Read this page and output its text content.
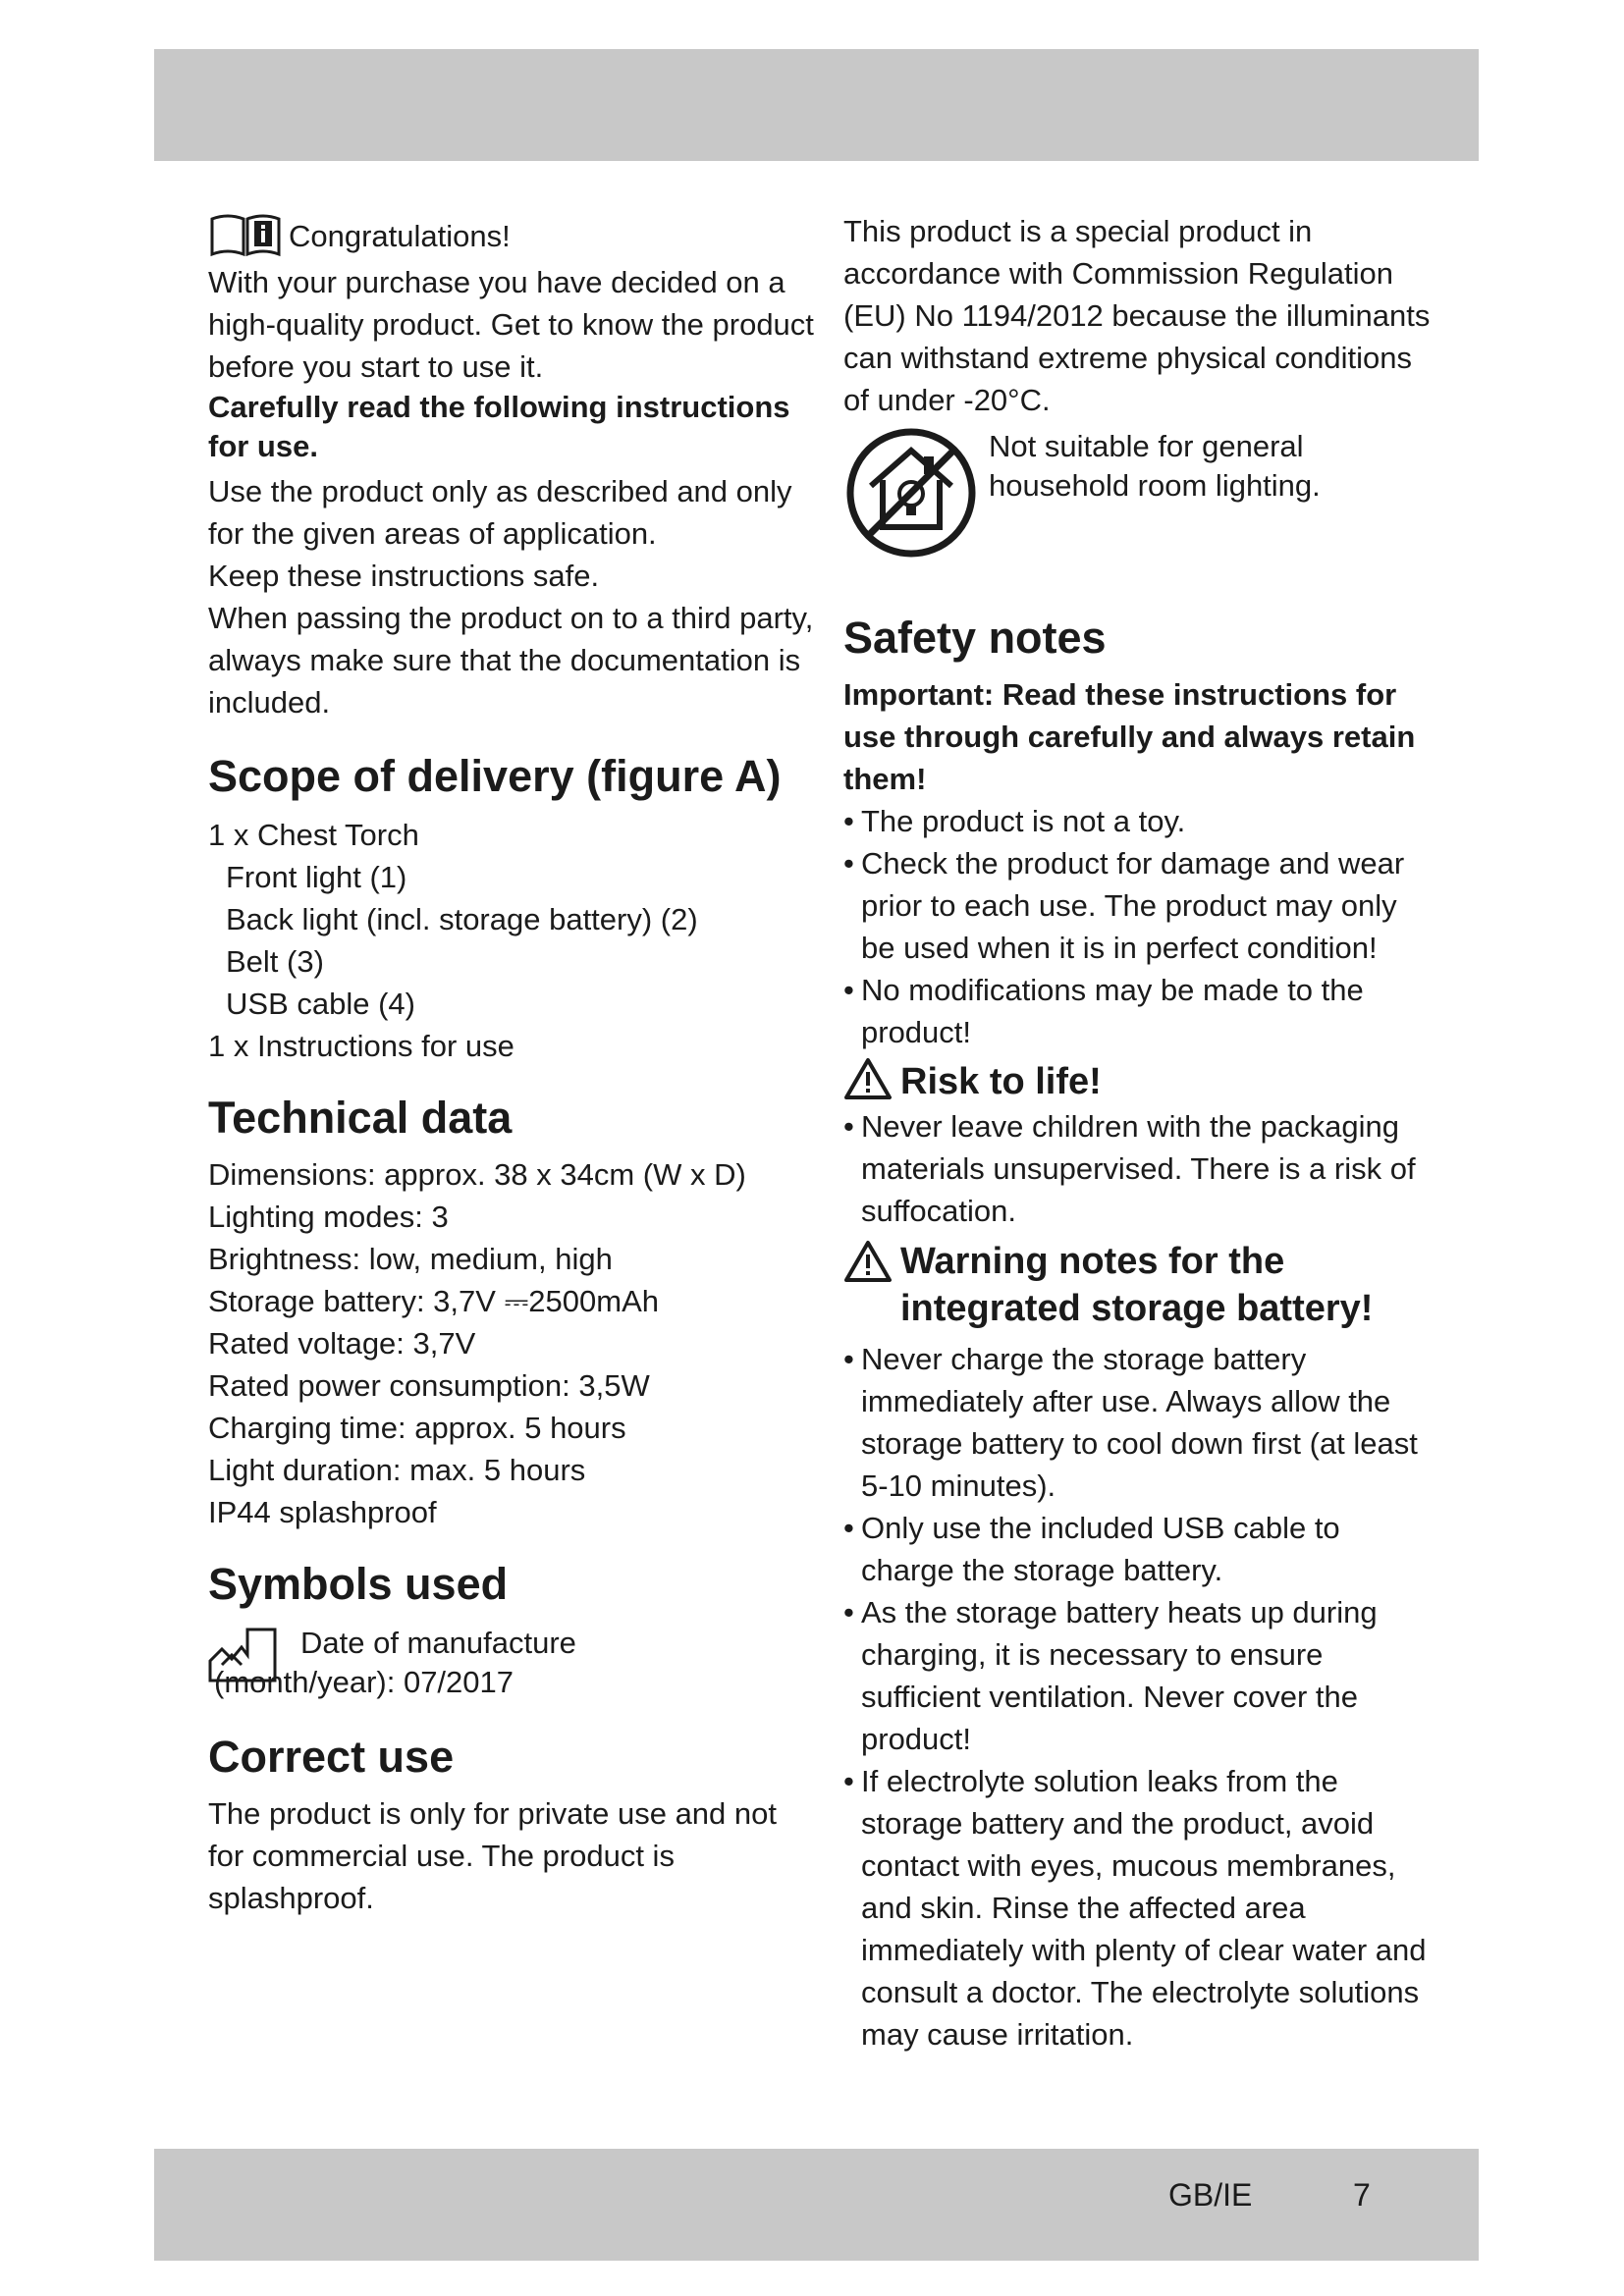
Congratulations!

With your purchase you have decided on a high-quality product. Get to know the product before you start to use it.

Carefully read the following instructions for use.

Use the product only as described and only for the given areas of application.

Keep these instructions safe.

When passing the product on to a third party, always make sure that the documentation is included.

Scope of delivery (figure A)

1 x Chest Torch

Front light (1)

Back light (incl. storage battery) (2)

Belt (3)

USB cable (4)

1 x Instructions for use

Technical data

Dimensions: approx. 38 x 34cm (W x D)

Lighting modes: 3

Brightness: low, medium, high

Storage battery: 3,7V ⎓2500mAh

Rated voltage: 3,7V

Rated power consumption: 3,5W

Charging time: approx. 5 hours

Light duration: max. 5 hours

IP44 splashproof

Symbols used

Date of manufacture

(month/year): 07/2017

Correct use

The product is only for private use and not for commercial use. The product is splashproof.

This product is a special product in accordance with Commission Regulation (EU) No 1194/2012 because the illuminants can withstand extreme physical conditions of under -20°C.

Not suitable for general household room lighting.

Safety notes

Important: Read these instructions for use through carefully and always retain them!

• The product is not a toy.
• Check the product for damage and wear prior to each use. The product may only be used when it is in perfect condition!
• No modifications may be made to the product!
Risk to life!
• Never leave children with the packaging materials unsupervised. There is a risk of suffocation.
Warning notes for the integrated storage battery!
• Never charge the storage battery immediately after use. Always allow the storage battery to cool down first (at least 5-10 minutes).
• Only use the included USB cable to charge the storage battery.
• As the storage battery heats up during charging, it is necessary to ensure sufficient ventilation. Never cover the product!
• If electrolyte solution leaks from the storage battery and the product, avoid contact with eyes, mucous membranes, and skin. Rinse the affected area immediately with plenty of clear water and consult a doctor. The electrolyte solutions may cause irritation.
GB/IE	7
